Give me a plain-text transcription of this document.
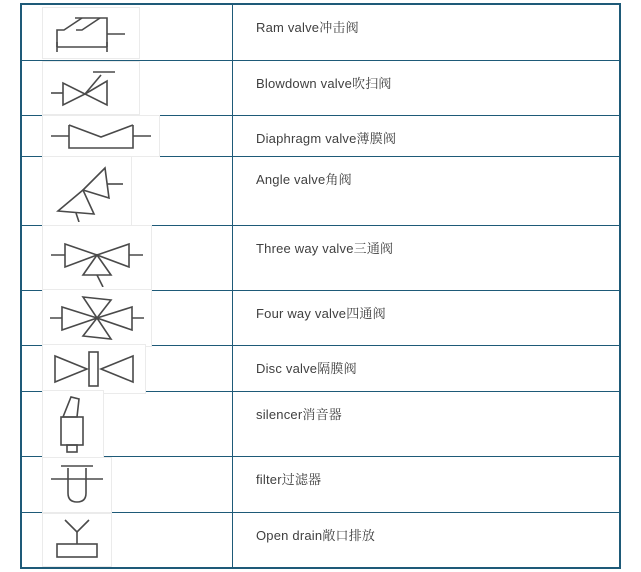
Ram valve冲击阀
Blowdown valve吹扫阀
Diaphragm valve薄膜阀
Angle valve角阀
Three way valve三通阀
Four way valve四通阀
Disc valve隔膜阀
silencer消音器
filter过滤器
Open drain敞口排放
